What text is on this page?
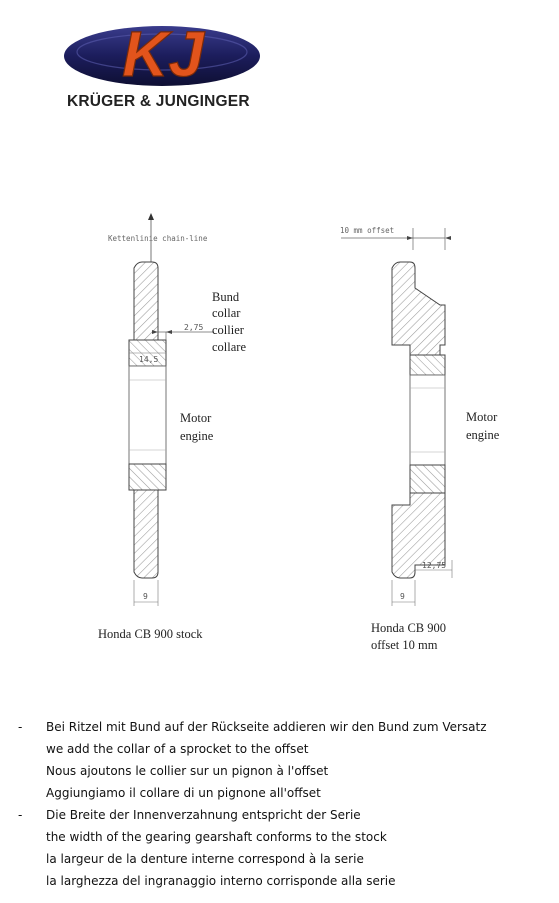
KJ
KRÜGER & JUNGINGER
Kettenlinie chain-line
2,75
14,5
9
Bund
collar
collier
collare
Motor
engine
Honda CB 900 stock
10 mm offset
12,75
9
Motor
engine
Honda CB 900
offset 10 mm
- Bei Ritzel mit Bund auf der Rückseite addieren wir den Bund zum Versatz
we add the collar of a sprocket to the offset
Nous ajoutons le collier sur un pignon à l'offset
Aggiungiamo il collare di un pignone all'offset
- Die Breite der Innenverzahnung entspricht der Serie
the width of the gearing gearshaft conforms to the stock
la largeur de la denture interne correspond à la serie
la larghezza del ingranaggio interno corrisponde alla serie
